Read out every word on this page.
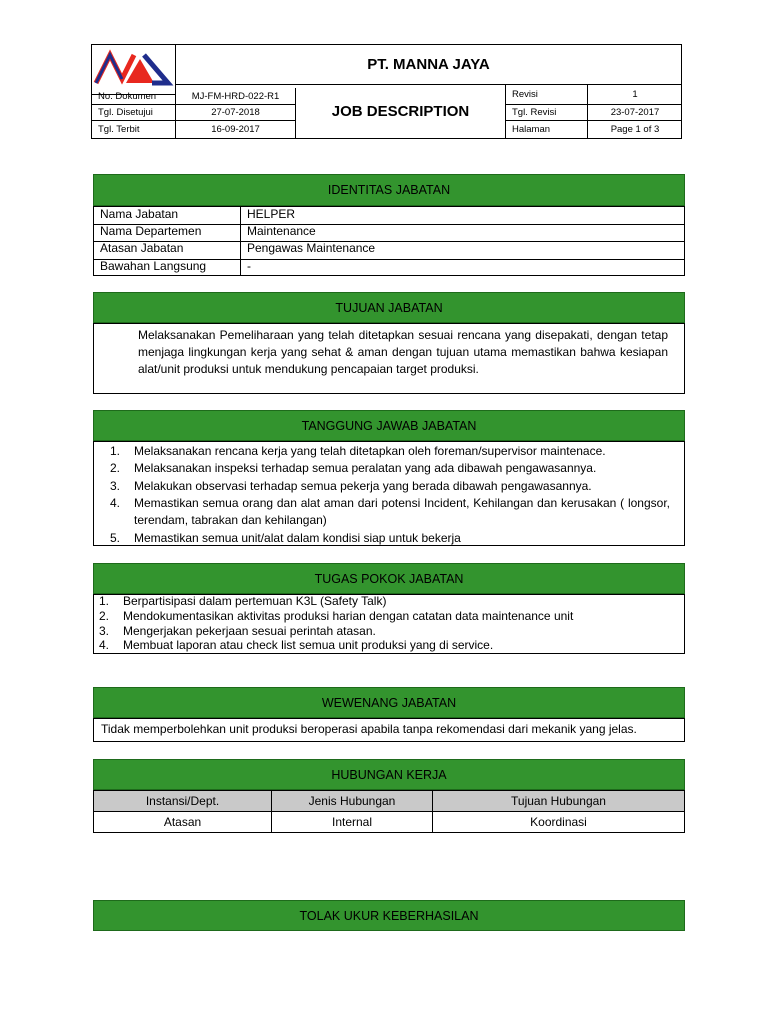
PT. MANNA JAYA
No. Dokumen	MJ-FM-HRD-022-R1
Tgl. Disetujui	27-07-2018
Tgl. Terbit	16-09-2017
JOB DESCRIPTION
Revisi	1
Tgl. Revisi	23-07-2017
Halaman	Page 1 of 3
IDENTITAS JABATAN
Nama Jabatan	HELPER
Nama Departemen	Maintenance
Atasan Jabatan	Pengawas Maintenance
Bawahan Langsung	-
TUJUAN JABATAN
Melaksanakan Pemeliharaan yang telah ditetapkan sesuai rencana yang disepakati, dengan tetap menjaga lingkungan kerja yang sehat & aman dengan tujuan utama memastikan bahwa kesiapan alat/unit produksi untuk mendukung pencapaian target produksi.
TANGGUNG JAWAB JABATAN
1. Melaksanakan rencana kerja yang telah ditetapkan oleh foreman/supervisor maintenace.
2. Melaksanakan inspeksi terhadap semua peralatan yang ada dibawah pengawasannya.
3. Melakukan observasi terhadap semua pekerja yang berada dibawah pengawasannya.
4. Memastikan semua orang dan alat aman dari potensi Incident, Kehilangan dan kerusakan ( longsor, terendam, tabrakan dan kehilangan)
5. Memastikan semua unit/alat dalam kondisi siap untuk bekerja
TUGAS POKOK JABATAN
1. Berpartisipasi dalam pertemuan K3L (Safety Talk)
2. Mendokumentasikan aktivitas produksi harian dengan catatan data maintenance unit
3. Mengerjakan pekerjaan sesuai perintah atasan.
4. Membuat laporan atau check list semua unit produksi yang di service.
WEWENANG JABATAN
Tidak memperbolehkan unit produksi beroperasi apabila tanpa rekomendasi dari mekanik yang jelas.
HUBUNGAN KERJA
Instansi/Dept.	Jenis Hubungan	Tujuan Hubungan
Atasan	Internal	Koordinasi
TOLAK UKUR KEBERHASILAN
